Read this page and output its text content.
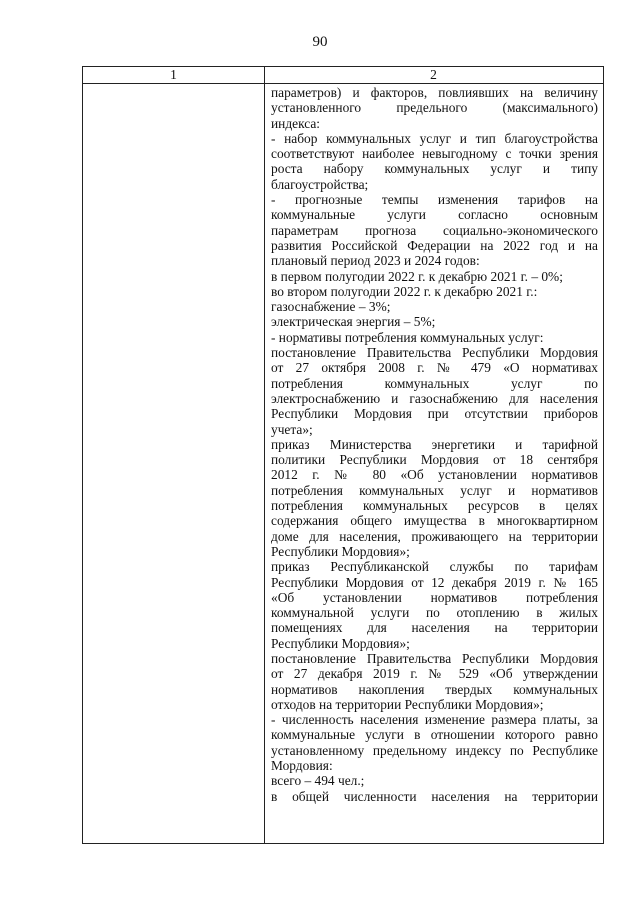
90
1	2
параметров) и факторов, повлиявших на величину
установленного предельного (максимального)
индекса:
- набор коммунальных услуг и тип благоустройства
соответствуют наиболее невыгодному с точки зрения
роста набору коммунальных услуг и типу
благоустройства;
- прогнозные темпы изменения тарифов на
коммунальные услуги согласно основным
параметрам прогноза социально-экономического
развития Российской Федерации на 2022 год и на
плановый период 2023 и 2024 годов:
в первом полугодии 2022 г. к декабрю 2021 г. – 0%;
во втором полугодии 2022 г. к декабрю 2021 г.:
газоснабжение – 3%;
электрическая энергия – 5%;
- нормативы потребления коммунальных услуг:
постановление Правительства Республики Мордовия
от 27 октября 2008 г. № 479 «О нормативах
потребления коммунальных услуг по
электроснабжению и газоснабжению для населения
Республики Мордовия при отсутствии приборов
учета»;
приказ Министерства энергетики и тарифной
политики Республики Мордовия от 18 сентября
2012 г. № 80 «Об установлении нормативов
потребления коммунальных услуг и нормативов
потребления коммунальных ресурсов в целях
содержания общего имущества в многоквартирном
доме для населения, проживающего на территории
Республики Мордовия»;
приказ Республиканской службы по тарифам
Республики Мордовия от 12 декабря 2019 г. № 165
«Об установлении нормативов потребления
коммунальной услуги по отоплению в жилых
помещениях для населения на территории
Республики Мордовия»;
постановление Правительства Республики Мордовия
от 27 декабря 2019 г. № 529 «Об утверждении
нормативов накопления твердых коммунальных
отходов на территории Республики Мордовия»;
- численность населения изменение размера платы, за
коммунальные услуги в отношении которого равно
установленному предельному индексу по Республике
Мордовия:
всего – 494 чел.;
в общей численности населения на территории
